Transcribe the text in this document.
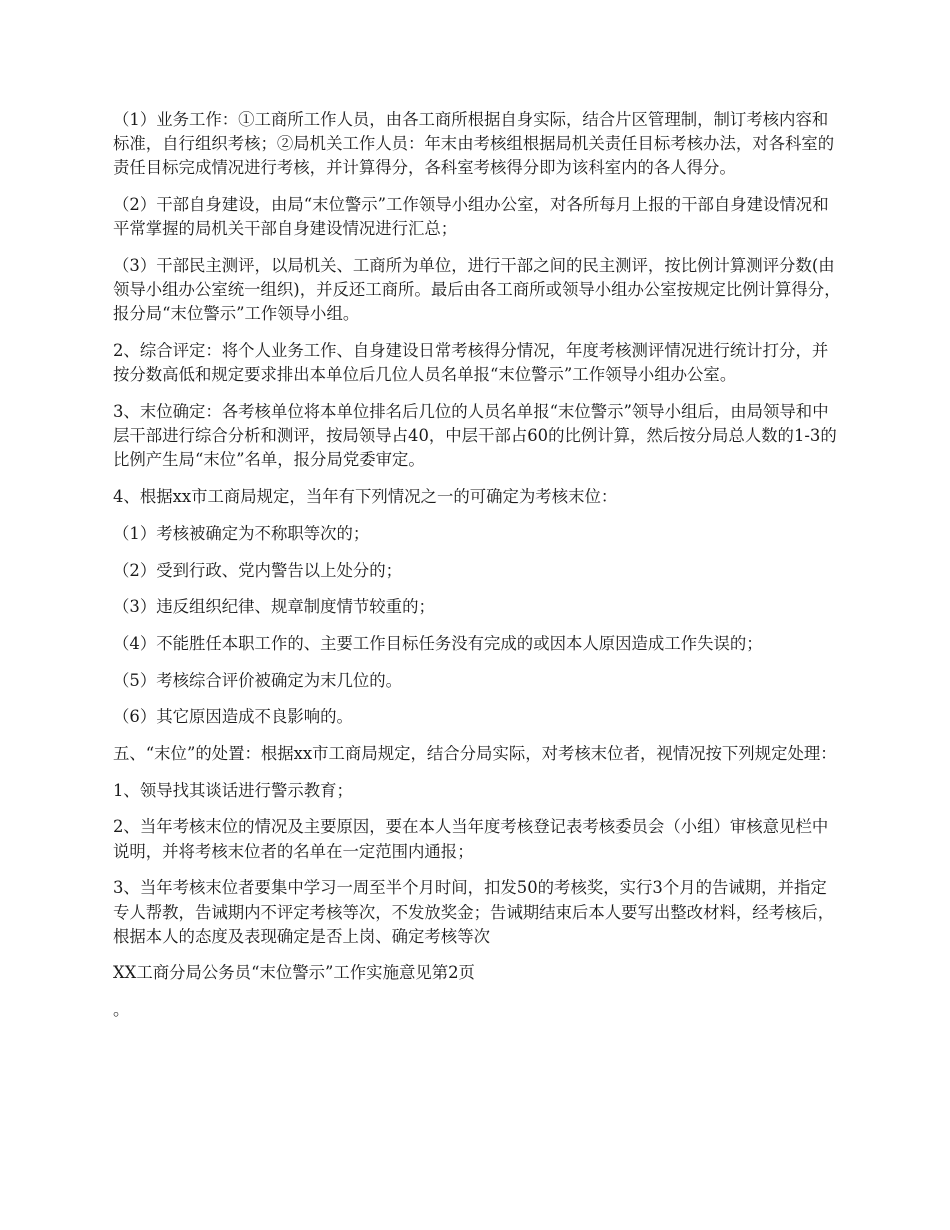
（1）业务工作：①工商所工作人员，由各工商所根据自身实际，结合片区管理制，制订考核内容和标准，自行组织考核；②局机关工作人员：年末由考核组根据局机关责任目标考核办法，对各科室的责任目标完成情况进行考核，并计算得分，各科室考核得分即为该科室内的各人得分。

（2）干部自身建设，由局“末位警示”工作领导小组办公室，对各所每月上报的干部自身建设情况和平常掌握的局机关干部自身建设情况进行汇总；

（3）干部民主测评，以局机关、工商所为单位，进行干部之间的民主测评，按比例计算测评分数(由领导小组办公室统一组织)，并反还工商所。最后由各工商所或领导小组办公室按规定比例计算得分，报分局“末位警示”工作领导小组。

2、综合评定：将个人业务工作、自身建设日常考核得分情况，年度考核测评情况进行统计打分，并按分数高低和规定要求排出本单位后几位人员名单报“末位警示”工作领导小组办公室。

3、末位确定：各考核单位将本单位排名后几位的人员名单报“末位警示”领导小组后，由局领导和中层干部进行综合分析和测评，按局领导占40，中层干部占60的比例计算，然后按分局总人数的1-3的比例产生局“末位”名单，报分局党委审定。

4、根据xx市工商局规定，当年有下列情况之一的可确定为考核末位：

（1）考核被确定为不称职等次的；

（2）受到行政、党内警告以上处分的；

（3）违反组织纪律、规章制度情节较重的；

（4）不能胜任本职工作的、主要工作目标任务没有完成的或因本人原因造成工作失误的；

（5）考核综合评价被确定为末几位的。

（6）其它原因造成不良影响的。

五、“末位”的处置：根据xx市工商局规定，结合分局实际，对考核末位者，视情况按下列规定处理：

1、领导找其谈话进行警示教育；

2、当年考核末位的情况及主要原因，要在本人当年度考核登记表考核委员会（小组）审核意见栏中说明，并将考核末位者的名单在一定范围内通报；

3、当年考核末位者要集中学习一周至半个月时间，扣发50的考核奖，实行3个月的告诫期，并指定专人帮教，告诫期内不评定考核等次，不发放奖金；告诫期结束后本人要写出整改材料，经考核后，根据本人的态度及表现确定是否上岗、确定考核等次

XX工商分局公务员“末位警示”工作实施意见第2页

。
